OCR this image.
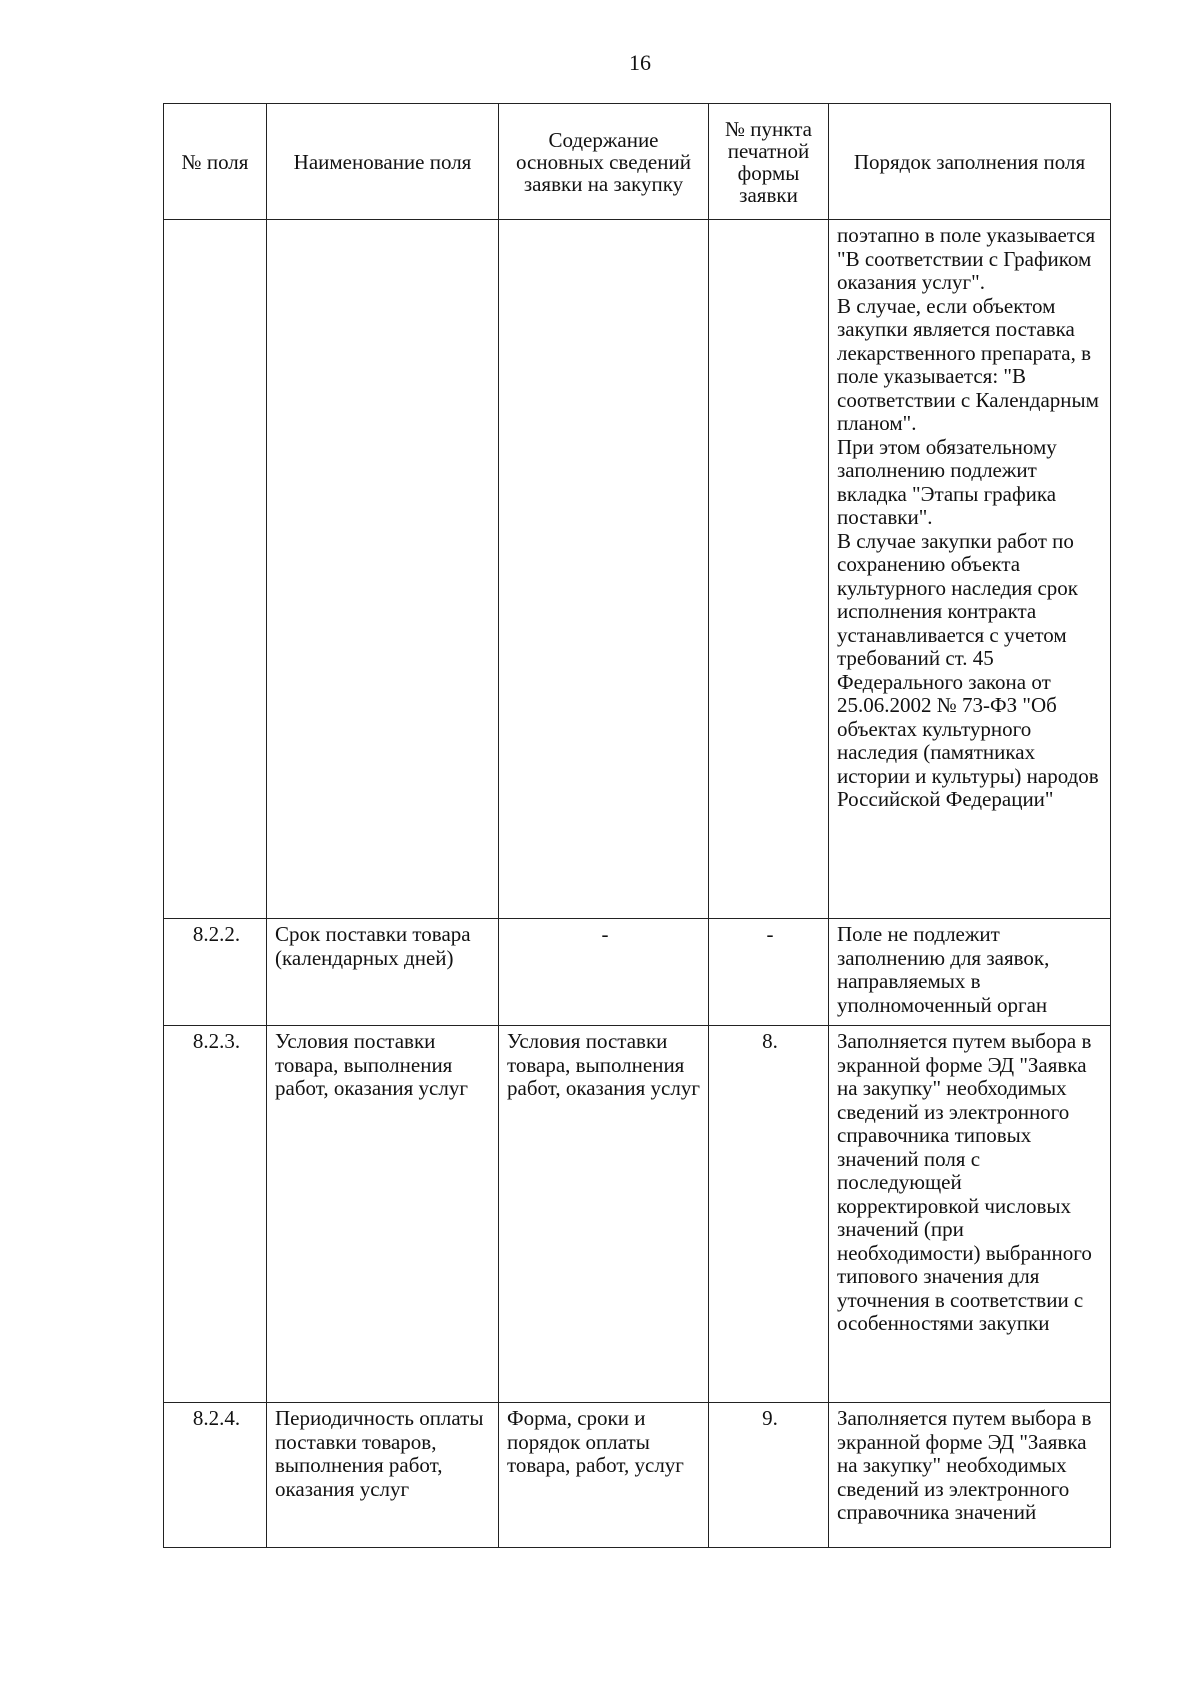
16
№ поля	Наименование поля	Содержание основных сведений заявки на закупку	№ пункта печатной формы заявки	Порядок заполнения поля
				поэтапно в поле указывается "В соответствии с Графиком оказания услуг".
В случае, если объектом закупки является поставка лекарственного препарата, в поле указывается: "В соответствии с Календарным планом".
При этом обязательному заполнению подлежит вкладка "Этапы графика поставки".
В случае закупки работ по сохранению объекта культурного наследия срок исполнения контракта устанавливается с учетом требований ст. 45 Федерального закона от 25.06.2002 № 73-ФЗ "Об объектах культурного наследия (памятниках истории и культуры) народов Российской Федерации"
8.2.2.	Срок поставки товара (календарных дней)	-	-	Поле не подлежит заполнению для заявок, направляемых в уполномоченный орган
8.2.3.	Условия поставки товара, выполнения работ, оказания услуг	Условия поставки товара, выполнения работ, оказания услуг	8.	Заполняется путем выбора в экранной форме ЭД "Заявка на закупку" необходимых сведений из электронного справочника типовых значений поля с последующей корректировкой числовых значений (при необходимости) выбранного типового значения для уточнения в соответствии с особенностями закупки
8.2.4.	Периодичность оплаты поставки товаров, выполнения работ, оказания услуг	Форма, сроки и порядок оплаты товара, работ, услуг	9.	Заполняется путем выбора в экранной форме ЭД "Заявка на закупку" необходимых сведений из электронного справочника значений
